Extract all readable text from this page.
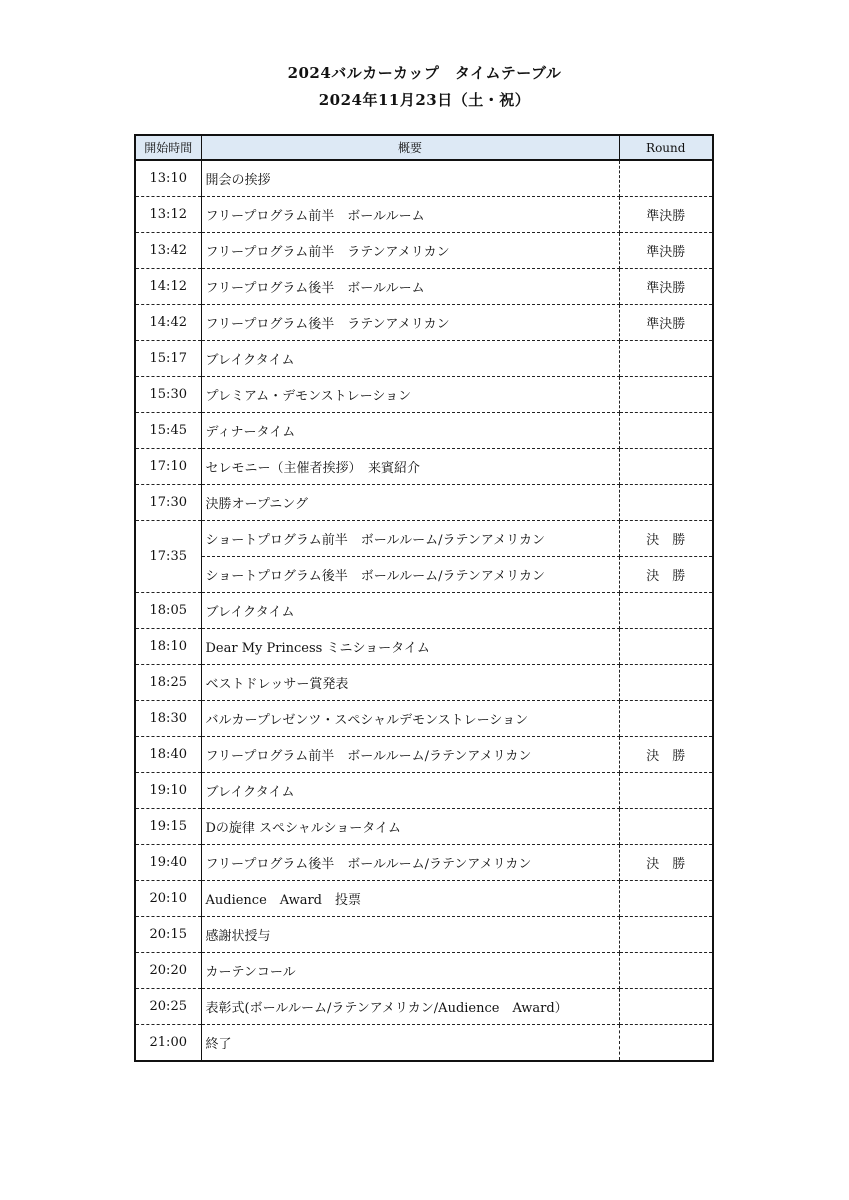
2024バルカーカップ　タイムテーブル
2024年11月23日（土・祝）
開始時間	概要	Round
13:10	開会の挨拶	
13:12	フリープログラム前半　ボールルーム	準決勝
13:42	フリープログラム前半　ラテンアメリカン	準決勝
14:12	フリープログラム後半　ボールルーム	準決勝
14:42	フリープログラム後半　ラテンアメリカン	準決勝
15:17	ブレイクタイム	
15:30	プレミアム・デモンストレーション	
15:45	ディナータイム	
17:10	セレモニー（主催者挨拶）　来賓紹介	
17:30	決勝オープニング	
17:35	ショートプログラム前半　ボールルーム/ラテンアメリカン	決　勝
	ショートプログラム後半　ボールルーム/ラテンアメリカン	決　勝
18:05	ブレイクタイム	
18:10	Dear My Princess ミニショータイム	
18:25	ベストドレッサー賞発表	
18:30	バルカープレゼンツ・スペシャルデモンストレーション	
18:40	フリープログラム前半　ボールルーム/ラテンアメリカン	決　勝
19:10	ブレイクタイム	
19:15	Dの旋律 スペシャルショータイム	
19:40	フリープログラム後半　ボールルーム/ラテンアメリカン	決　勝
20:10	Audience　Award　投票	
20:15	感謝状授与	
20:20	カーテンコール	
20:25	表彰式(ボールルーム/ラテンアメリカン/Audience　Award）	
21:00	終了	
